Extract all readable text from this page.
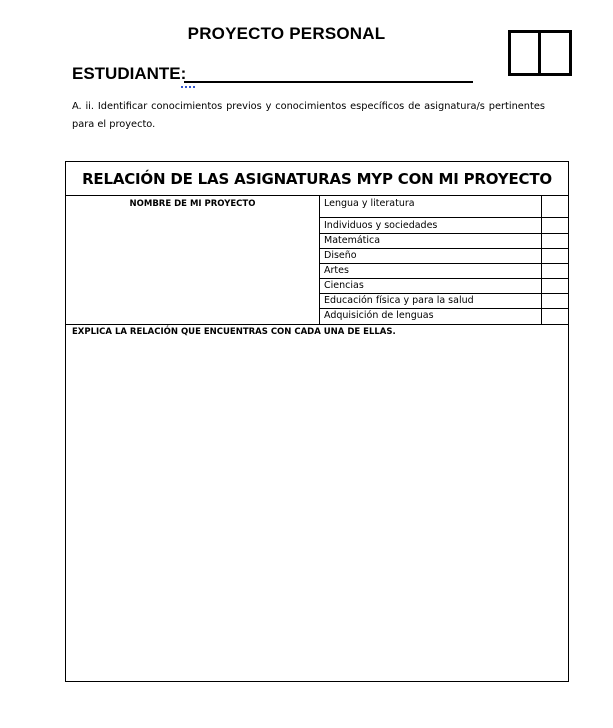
PROYECTO PERSONAL
ESTUDIANTE:
A. ii. Identificar conocimientos previos y conocimientos específicos de asignatura/s pertinentes para el proyecto.
RELACIÓN DE LAS ASIGNATURAS MYP CON MI PROYECTO
NOMBRE DE MI PROYECTO	Lengua y literatura
Individuos y sociedades
Matemática
Diseño
Artes
Ciencias
Educación física y para la salud
Adquisición de lenguas
EXPLICA LA RELACIÓN QUE ENCUENTRAS CON CADA UNA DE ELLAS.
